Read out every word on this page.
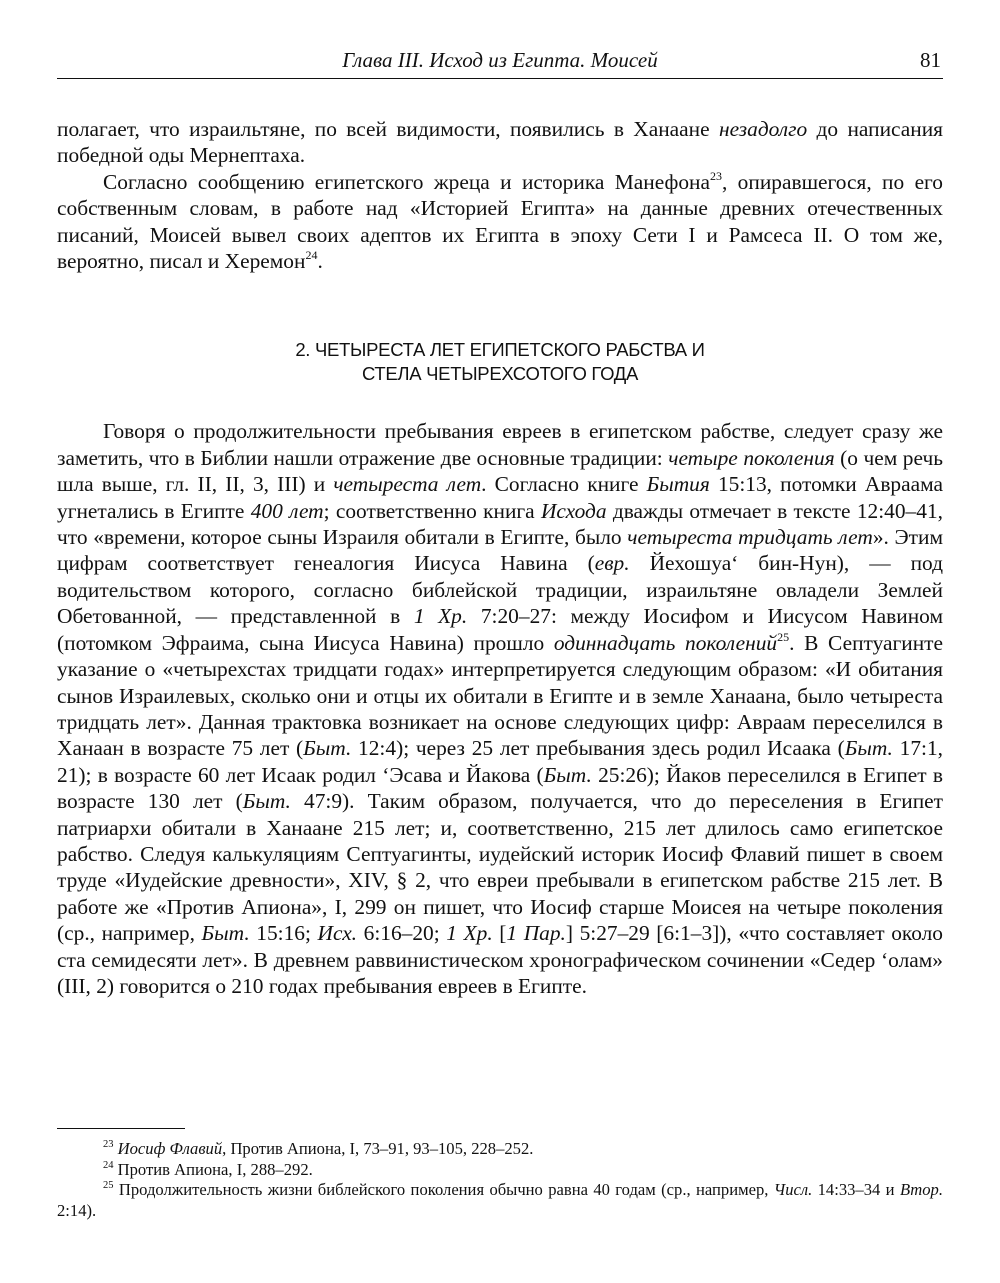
Глава III. Исход из Египта. Моисей	81

полагает, что израильтяне, по всей видимости, появились в Ханаане незадолго до написания победной оды Мернептаха.

Согласно сообщению египетского жреца и историка Манефона$^{23}$, опиравшегося, по его собственным словам, в работе над «Историей Египта» на данные древних отечественных писаний, Моисей вывел своих адептов их Египта в эпоху Сети I и Рамсеса II. О том же, вероятно, писал и Херемон$^{24}$.

2. ЧЕТЫРЕСТА ЛЕТ ЕГИПЕТСКОГО РАБСТВА И
СТЕЛА ЧЕТЫРЕХСОТОГО ГОДА

Говоря о продолжительности пребывания евреев в египетском рабстве, следует сразу же заметить, что в Библии нашли отражение две основные традиции: четыре поколения (о чем речь шла выше, гл. II, II, 3, III) и четыреста лет. Согласно книге Бытия 15:13, потомки Авраама угнетались в Египте 400 лет; соответственно книга Исхода дважды отмечает в тексте 12:40–41, что «времени, которое сыны Израиля обитали в Египте, было четыреста тридцать лет». Этим цифрам соответствует генеалогия Иисуса Навина (евр. Йехошуа‘ бин-Нун), — под водительством которого, согласно библейской традиции, израильтяне овладели Землей Обетованной, — представленной в 1 Хр. 7:20–27: между Иосифом и Иисусом Навином (потомком Эфраима, сына Иисуса Навина) прошло одиннадцать поколений$^{25}$. В Септуагинте указание о «четырехстах тридцати годах» интерпретируется следующим образом: «И обитания сынов Израилевых, сколько они и отцы их обитали в Египте и в земле Ханаана, было четыреста тридцать лет». Данная трактовка возникает на основе следующих цифр: Авраам переселился в Ханаан в возрасте 75 лет (Быт. 12:4); через 25 лет пребывания здесь родил Исаака (Быт. 17:1, 21); в возрасте 60 лет Исаак родил ‘Эсава и Йакова (Быт. 25:26); Йаков переселился в Египет в возрасте 130 лет (Быт. 47:9). Таким образом, получается, что до переселения в Египет патриархи обитали в Ханаане 215 лет; и, соответственно, 215 лет длилось само египетское рабство. Следуя калькуляциям Септуагинты, иудейский историк Иосиф Флавий пишет в своем труде «Иудейские древности», XIV, § 2, что евреи пребывали в египетском рабстве 215 лет. В работе же «Против Апиона», I, 299 он пишет, что Иосиф старше Моисея на четыре поколения (ср., например, Быт. 15:16; Исх. 6:16–20; 1 Хр. [1 Пар.] 5:27–29 [6:1–3]), «что составляет около ста семидесяти лет». В древнем раввинистическом хронографическом сочинении «Седер ‘олам» (III, 2) говорится о 210 годах пребывания евреев в Египте.

$^{23}$ Иосиф Флавий, Против Апиона, I, 73–91, 93–105, 228–252.

$^{24}$ Против Апиона, I, 288–292.

$^{25}$ Продолжительность жизни библейского поколения обычно равна 40 годам (ср., например, Числ. 14:33–34 и Втор. 2:14).
